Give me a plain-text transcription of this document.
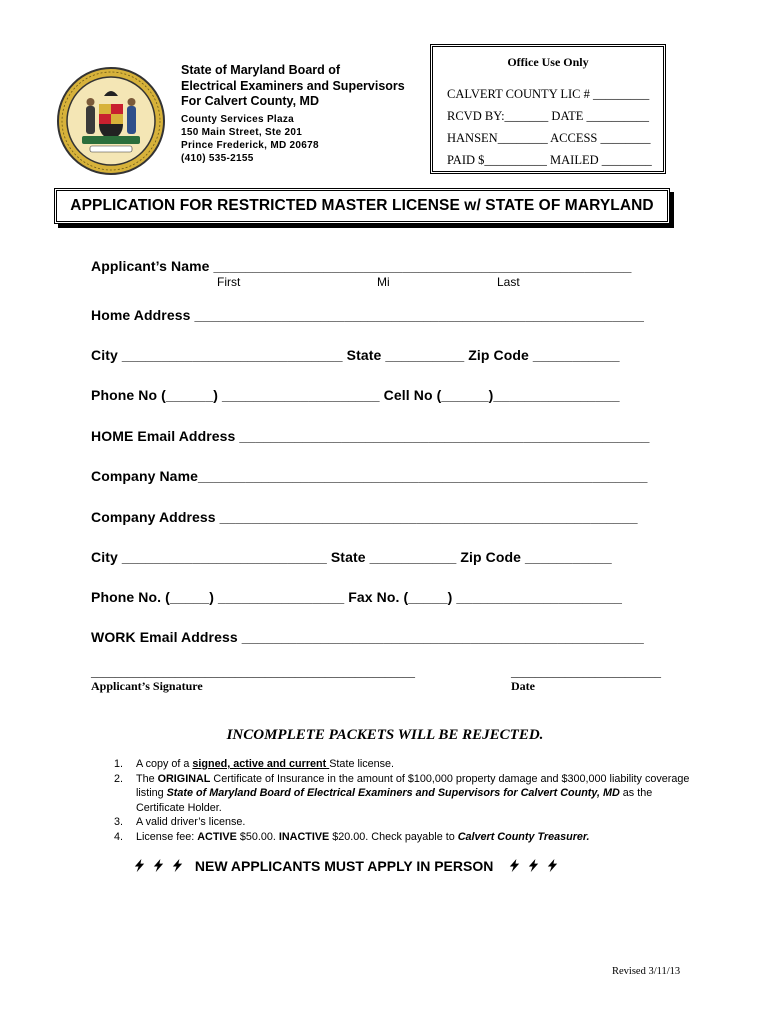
State of Maryland Board of
Electrical Examiners and Supervisors
For Calvert County, MD
County Services Plaza
150 Main Street, Ste 201
Prince Frederick, MD 20678
(410) 535-2155
Office Use Only
CALVERT COUNTY LIC # _________
RCVD BY:_______ DATE __________
HANSEN________ ACCESS ________
PAID $__________ MAILED ________
APPLICATION FOR RESTRICTED MASTER LICENSE w/ STATE OF MARYLAND
Applicant’s Name _____________________________________________________
First	Mi	Last
Home Address _________________________________________________________
City ____________________________ State __________ Zip Code ___________
Phone No (______) ____________________ Cell No (______)________________
HOME Email Address ____________________________________________________
Company Name_________________________________________________________
Company Address _____________________________________________________
City __________________________ State ___________ Zip Code ___________
Phone No. (_____) ________________ Fax No. (_____) _____________________
WORK Email Address ___________________________________________________
______________________________________________________
Applicant’s Signature
_________________________
Date
INCOMPLETE PACKETS WILL BE REJECTED.
1. A copy of a signed, active and current State license.
2. The ORIGINAL Certificate of Insurance in the amount of $100,000 property damage and $300,000 liability coverage listing State of Maryland Board of Electrical Examiners and Supervisors for Calvert County, MD as the Certificate Holder.
3. A valid driver’s license.
4. License fee: ACTIVE $50.00. INACTIVE $20.00. Check payable to Calvert County Treasurer.
NEW APPLICANTS MUST APPLY IN PERSON
Revised 3/11/13
